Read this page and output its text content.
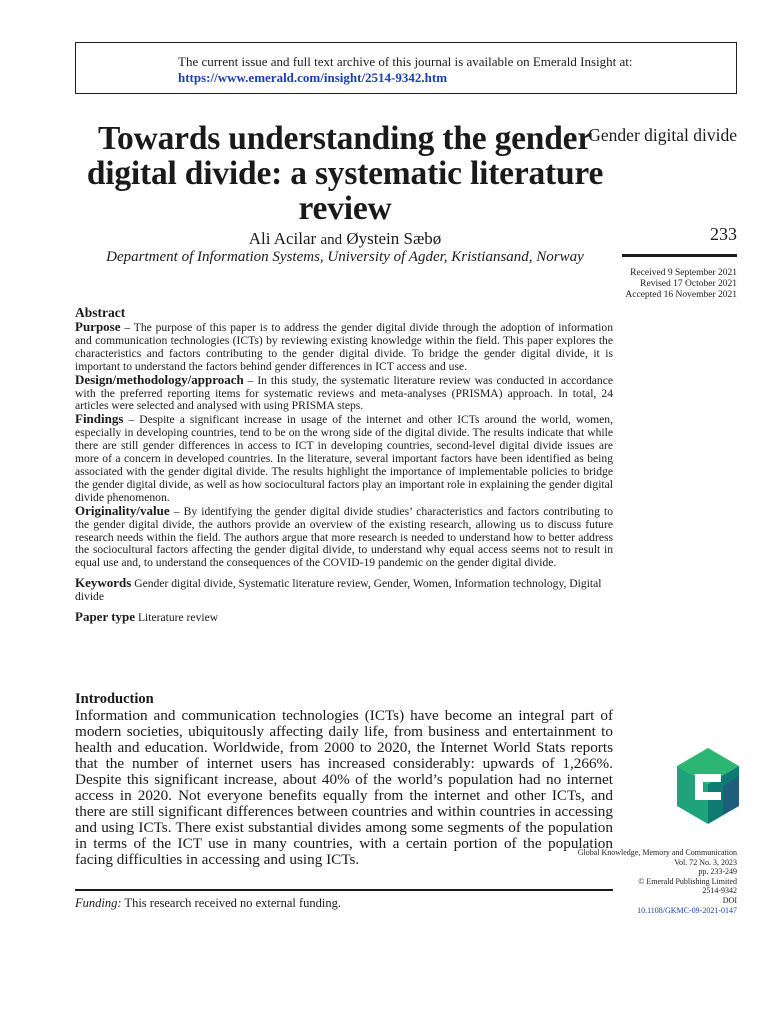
The current issue and full text archive of this journal is available on Emerald Insight at:
https://www.emerald.com/insight/2514-9342.htm
Towards understanding the gender digital divide: a systematic literature review
Ali Acilar and Øystein Sæbø
Department of Information Systems, University of Agder, Kristiansand, Norway
Gender digital divide
233
Received 9 September 2021
Revised 17 October 2021
Accepted 16 November 2021
Abstract

Purpose – The purpose of this paper is to address the gender digital divide through the adoption of information and communication technologies (ICTs) by reviewing existing knowledge within the field. This paper explores the characteristics and factors contributing to the gender digital divide. To bridge the gender digital divide, it is important to understand the factors behind gender differences in ICT access and use.

Design/methodology/approach – In this study, the systematic literature review was conducted in accordance with the preferred reporting items for systematic reviews and meta-analyses (PRISMA) approach. In total, 24 articles were selected and analysed with using PRISMA steps.

Findings – Despite a significant increase in usage of the internet and other ICTs around the world, women, especially in developing countries, tend to be on the wrong side of the digital divide. The results indicate that while there are still gender differences in access to ICT in developing countries, second-level digital divide issues are more of a concern in developed countries. In the literature, several important factors have been identified as being associated with the gender digital divide. The results highlight the importance of implementable policies to bridge the gender digital divide, as well as how sociocultural factors play an important role in explaining the gender digital divide phenomenon.

Originality/value – By identifying the gender digital divide studies’ characteristics and factors contributing to the gender digital divide, the authors provide an overview of the existing research, allowing us to discuss future research needs within the field. The authors argue that more research is needed to understand how to better address the sociocultural factors affecting the gender digital divide, to understand why equal access seems not to result in equal use and, to understand the consequences of the COVID-19 pandemic on the gender digital divide.

Keywords Gender digital divide, Systematic literature review, Gender, Women, Information technology, Digital divide

Paper type Literature review

Introduction

Information and communication technologies (ICTs) have become an integral part of modern societies, ubiquitously affecting daily life, from business and entertainment to health and education. Worldwide, from 2000 to 2020, the Internet World Stats reports that the number of internet users has increased considerably: upwards of 1,266%. Despite this significant increase, about 40% of the world’s population had no internet access in 2020. Not everyone benefits equally from the internet and other ICTs, and there are still significant differences between countries and within countries in accessing and using ICTs. There exist substantial divides among some segments of the population in terms of the ICT use in many countries, with a certain portion of the population facing difficulties in accessing and using ICTs.	Global Knowledge, Memory and Communication
Vol. 72 No. 3, 2023
pp. 233-249
© Emerald Publishing Limited
2514-9342
DOI
10.1108/GKMC-09-2021-0147
Funding: This research received no external funding.
